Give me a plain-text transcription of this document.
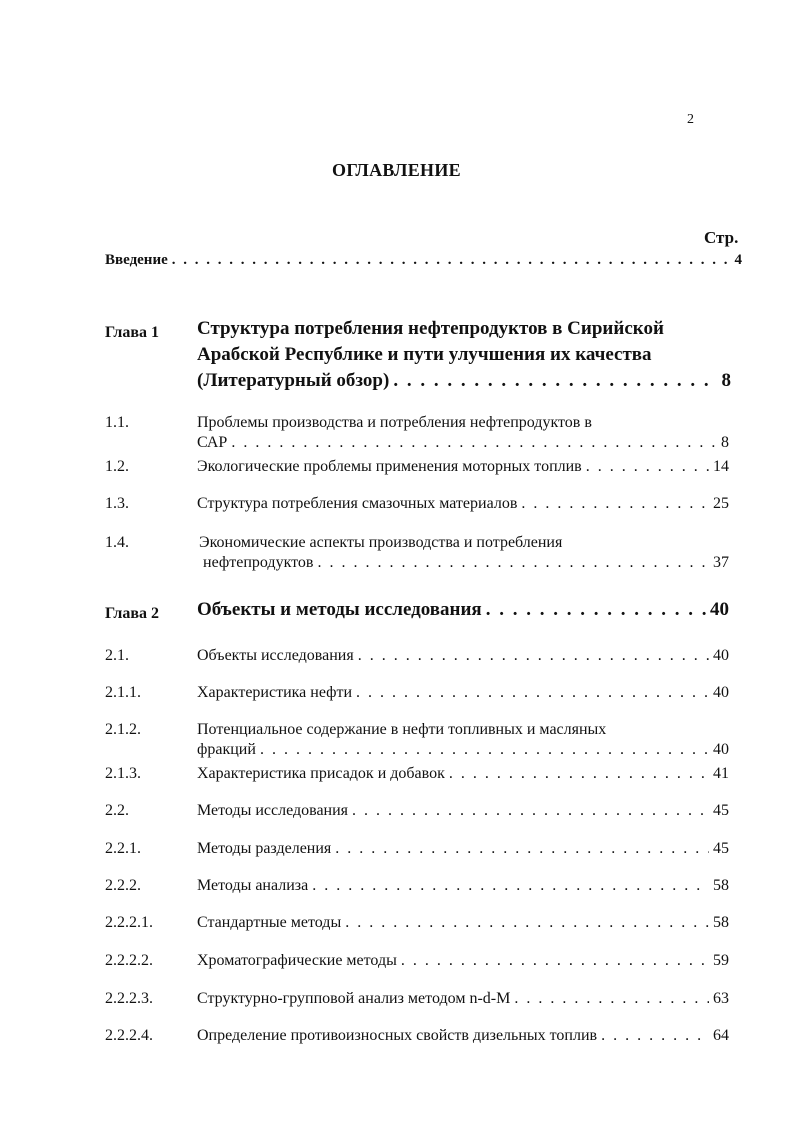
2
ОГЛАВЛЕНИЕ
Стр.
Введение . . .	4
Глава 1 Структура потребления нефтепродуктов в Сирийской
Арабской Республике и пути улучшения их качества
(Литературный обзор) . . .	8
1.1.	Проблемы производства и потребления нефтепродуктов в
САР . . .	8
1.2.	Экологические проблемы применения моторных топлив . . .	14
1.3.	Структура потребления смазочных материалов . . .	25
1.4.	Экономические аспекты производства и потребления
нефтепродуктов . . .	37
Глава 2 Объекты и методы исследования . . .	40
2.1.	Объекты исследования . . .	40
2.1.1.	Характеристика нефти . . .	40
2.1.2.	Потенциальное содержание в нефти топливных и масляных
фракций . . .	40
2.1.3.	Характеристика присадок и добавок . . .	41
2.2.	Методы исследования . . .	45
2.2.1.	Методы разделения . . .	45
2.2.2.	Методы анализа . . .	58
2.2.2.1.	Стандартные методы . . .	58
2.2.2.2.	Хроматографические методы . . .	59
2.2.2.3.	Структурно-групповой анализ методом n-d-M . . .	63
2.2.2.4.	Определение противоизносных свойств дизельных топлив . . .	64
